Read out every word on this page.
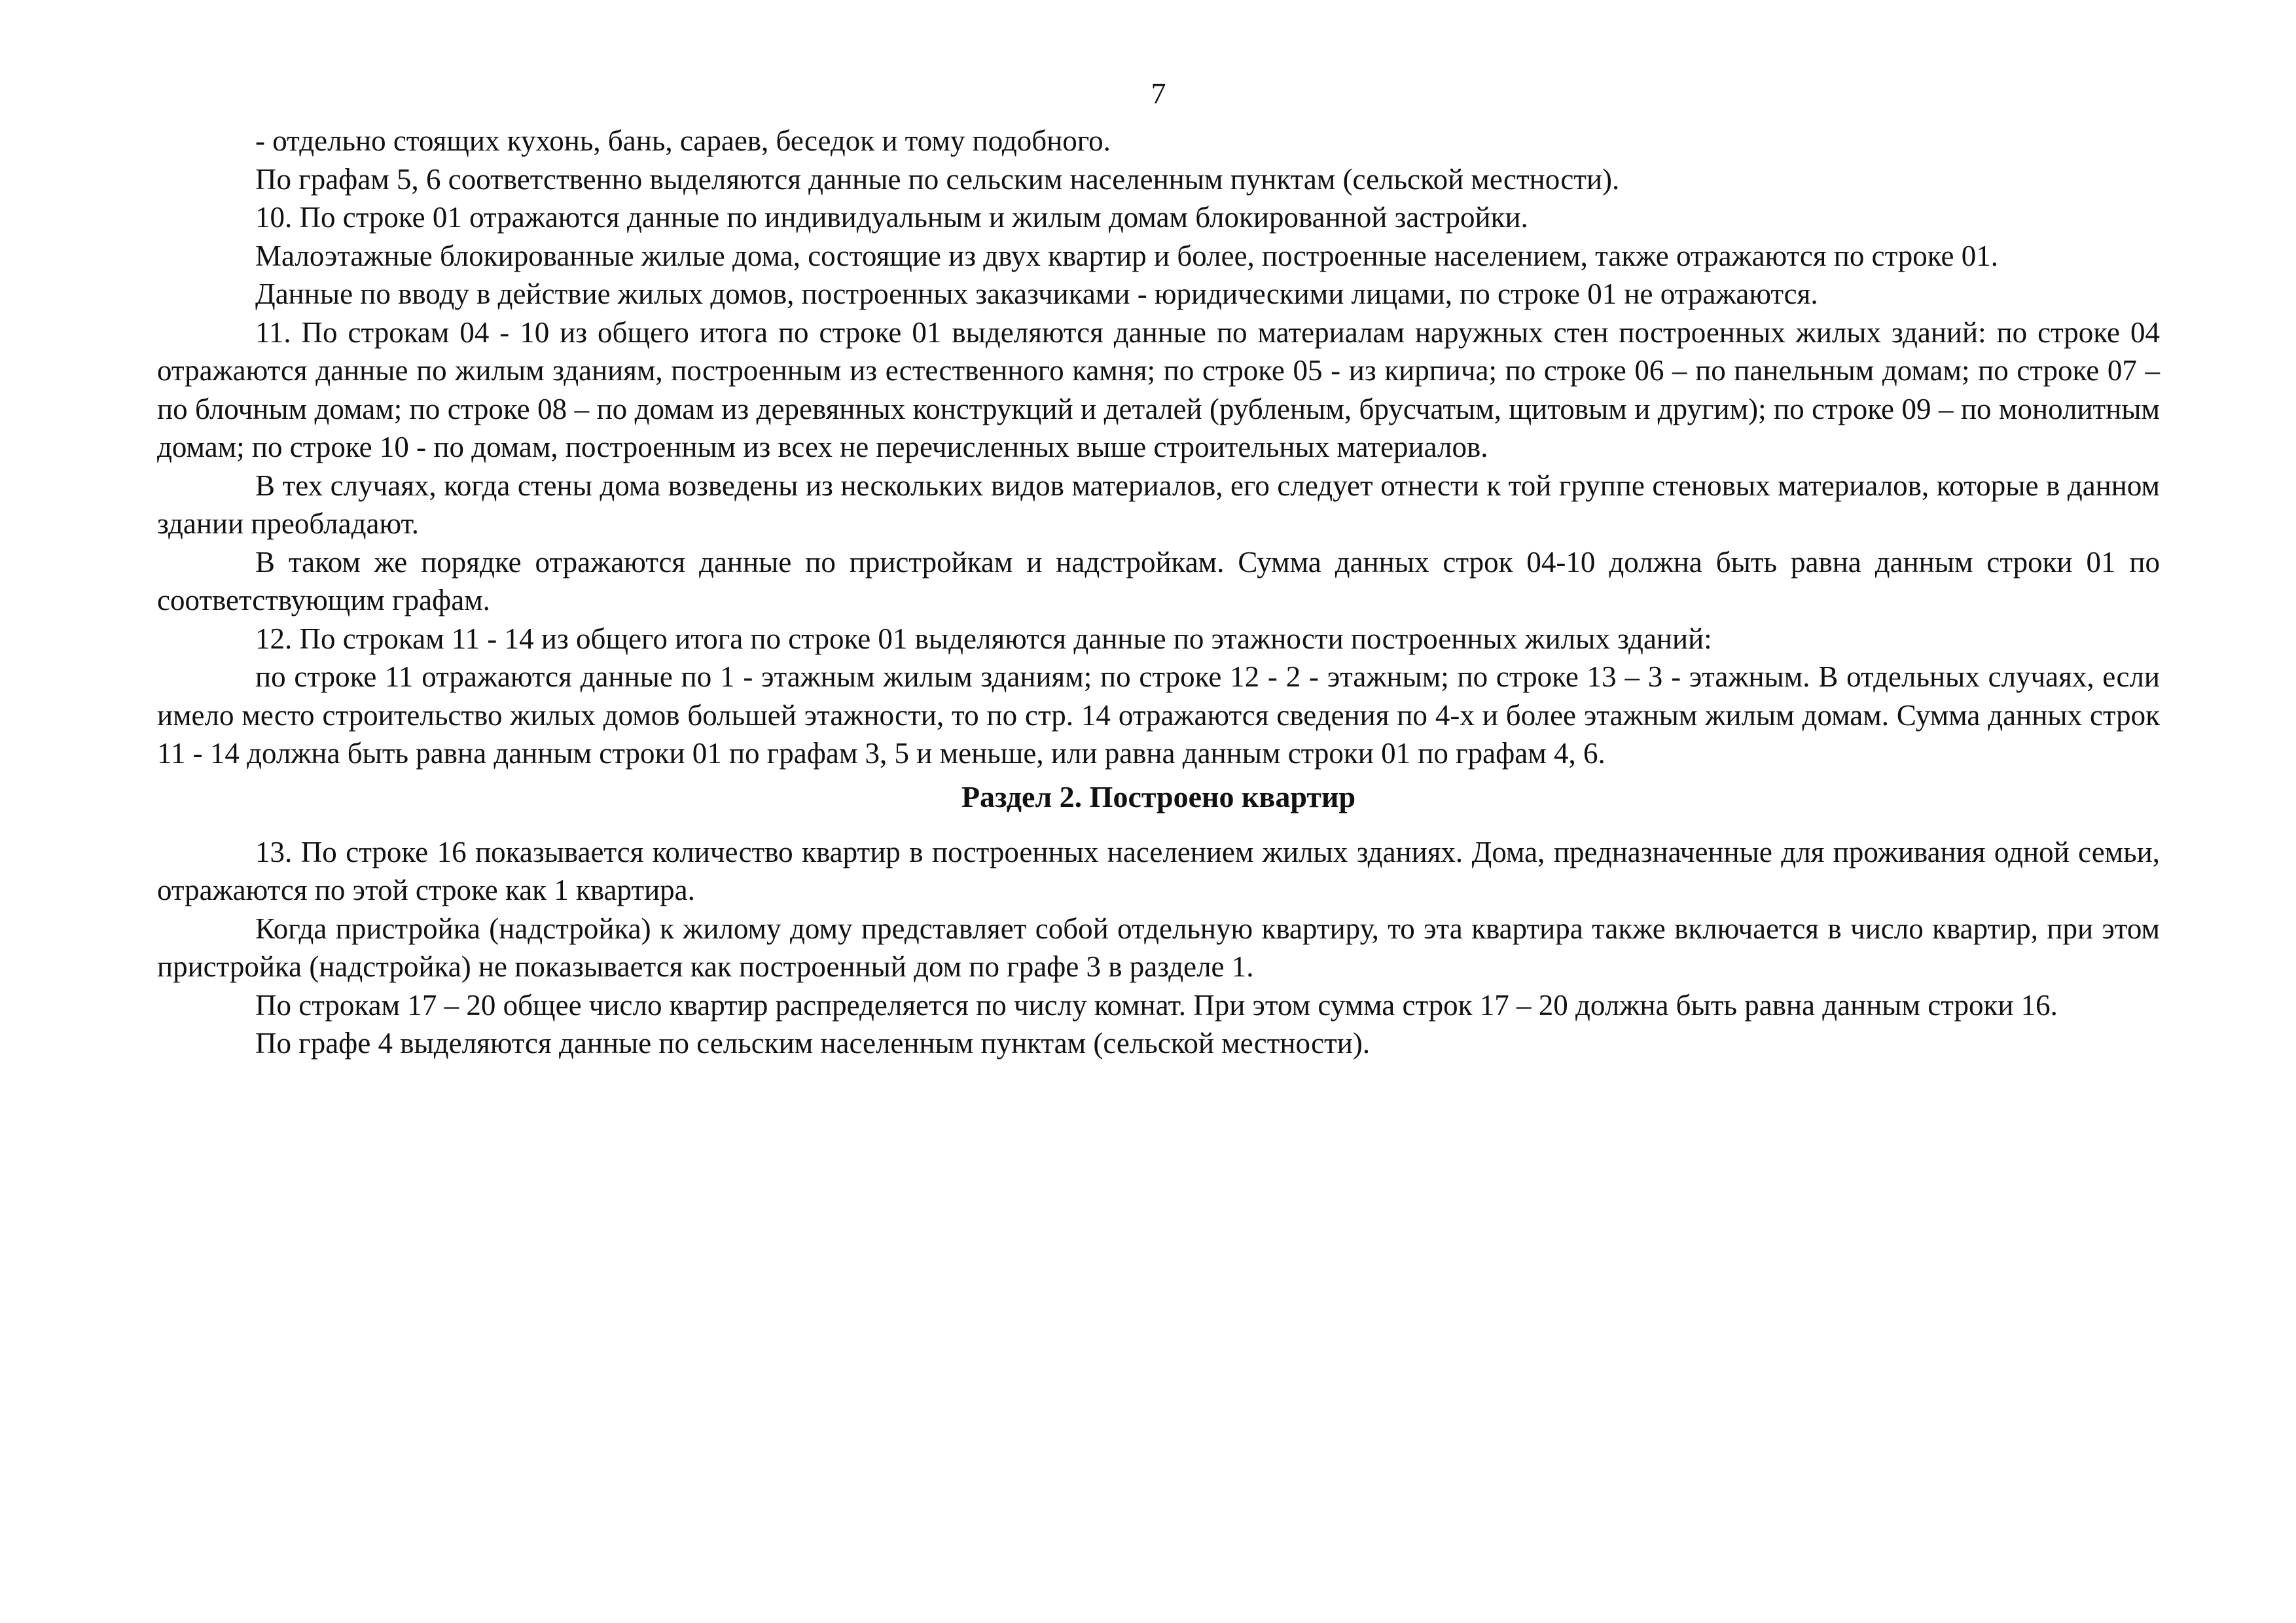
7

- отдельно стоящих кухонь, бань, сараев, беседок и тому подобного.

По графам 5, 6 соответственно выделяются данные по сельским населенным пунктам (сельской местности).

10. По строке 01 отражаются данные по индивидуальным и жилым домам блокированной застройки.

Малоэтажные блокированные жилые дома, состоящие из двух квартир и более, построенные населением, также отражаются по строке 01.

Данные по вводу в действие жилых домов, построенных заказчиками - юридическими лицами, по строке 01 не отражаются.

11. По строкам 04 - 10 из общего итога по строке 01 выделяются данные по материалам наружных стен построенных жилых зданий: по строке 04 отражаются данные по жилым зданиям, построенным из естественного камня; по строке 05 - из кирпича; по строке 06 – по панельным домам; по строке 07 – по блочным домам; по строке 08 – по домам из деревянных конструкций и деталей (рубленым, брусчатым, щитовым и другим); по строке 09 – по монолитным домам; по строке 10 - по домам, построенным из всех не перечисленных выше строительных материалов.

В тех случаях, когда стены дома возведены из нескольких видов материалов, его следует отнести к той группе стеновых материалов, которые в данном здании преобладают.

В таком же порядке отражаются данные по пристройкам и надстройкам. Сумма данных строк 04-10 должна быть равна данным строки 01 по соответствующим графам.

12. По строкам 11 - 14 из общего итога по строке 01 выделяются данные по этажности построенных жилых зданий:

по строке 11 отражаются данные по 1 - этажным жилым зданиям; по строке 12 - 2 - этажным; по строке 13 – 3 - этажным. В отдельных случаях, если имело место строительство жилых домов большей этажности, то по стр. 14 отражаются сведения по 4-х и более этажным жилым домам. Сумма данных строк 11 - 14 должна быть равна данным строки 01 по графам 3, 5 и меньше, или равна данным строки 01 по графам 4, 6.

Раздел 2. Построено квартир

13. По строке 16 показывается количество квартир в построенных населением жилых зданиях. Дома, предназначенные для проживания одной семьи, отражаются по этой строке как 1 квартира.

Когда пристройка (надстройка) к жилому дому представляет собой отдельную квартиру, то эта квартира также включается в число квартир, при этом пристройка (надстройка) не показывается как построенный дом по графе 3 в разделе 1.

По строкам 17 – 20 общее число квартир распределяется по числу комнат. При этом сумма строк 17 – 20 должна быть равна данным строки 16.

По графе 4 выделяются данные по сельским населенным пунктам (сельской местности).
